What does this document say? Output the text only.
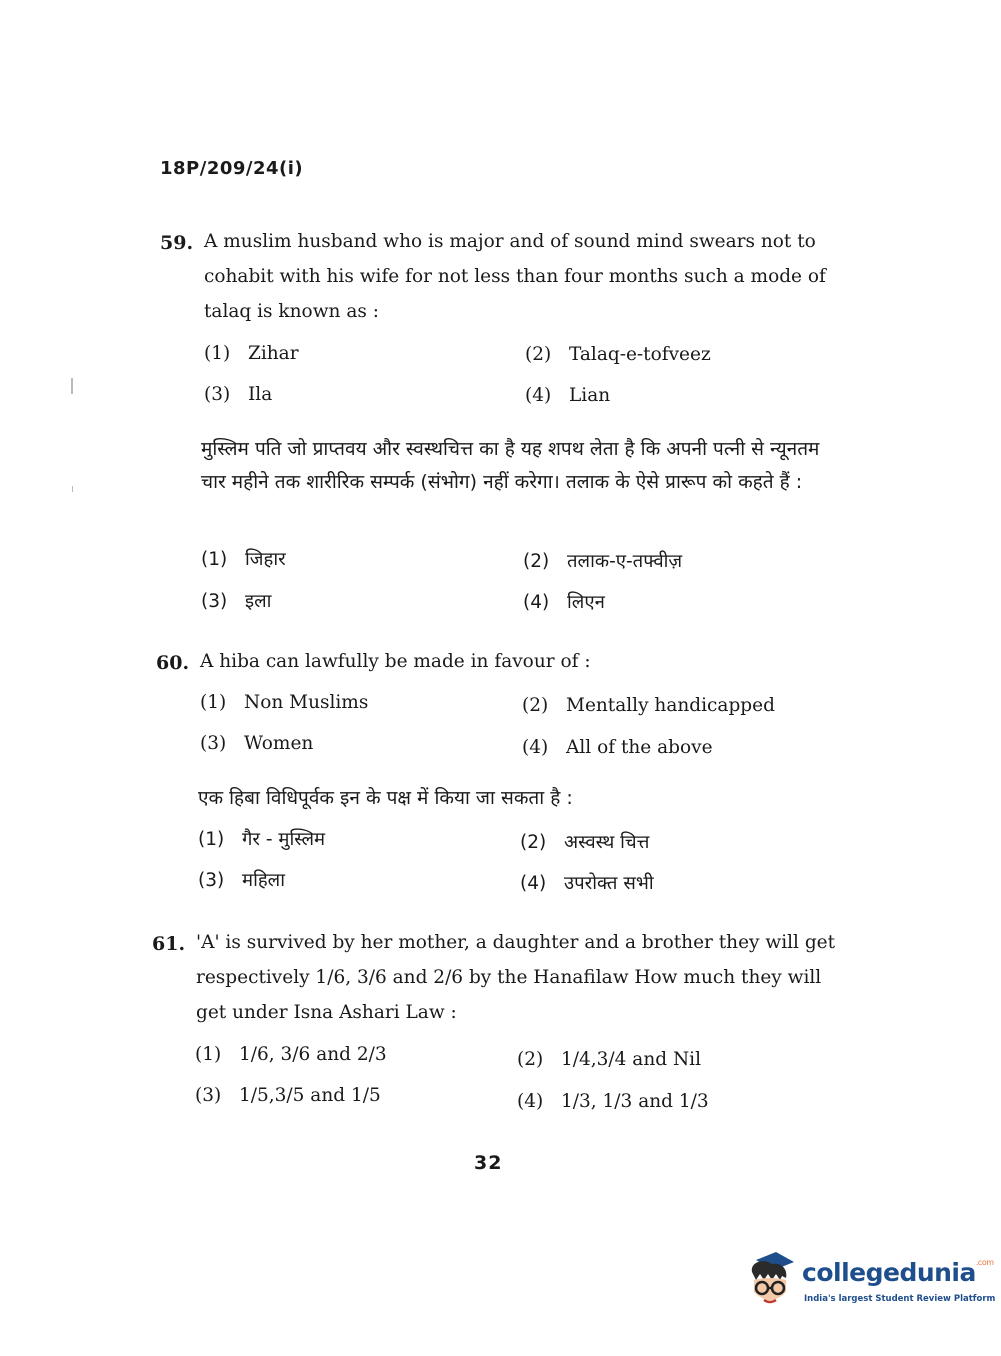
18P/209/24(i)
59. A muslim husband who is major and of sound mind swears not to cohabit with his wife for not less than four months such a mode of talaq is known as :
(1) Zihar	(2) Talaq-e-tofveez
(3) Ila	(4) Lian
मुस्लिम पति जो प्राप्तवय और स्वस्थचित्त का है यह शपथ लेता है कि अपनी पत्नी से न्यूनतम चार महीने तक शारीरिक सम्पर्क (संभोग) नहीं करेगा। तलाक के ऐसे प्रारूप को कहते हैं :
(1) जिहार	(2) तलाक-ए-तफ्वीज़
(3) इला	(4) लिएन
60. A hiba can lawfully be made in favour of :
(1) Non Muslims	(2) Mentally handicapped
(3) Women	(4) All of the above
एक हिबा विधिपूर्वक इन के पक्ष में किया जा सकता है :
(1) गैर - मुस्लिम	(2) अस्वस्थ चित्त
(3) महिला	(4) उपरोक्त सभी
61. 'A' is survived by her mother, a daughter and a brother they will get respectively 1/6, 3/6 and 2/6 by the Hanafilaw How much they will get under Isna Ashari Law :
(1) 1/6, 3/6 and 2/3	(2) 1/4,3/4 and Nil
(3) 1/5,3/5 and 1/5	(4) 1/3, 1/3 and 1/3
32
collegedunia$^{.com}$
India's largest Student Review Platform
